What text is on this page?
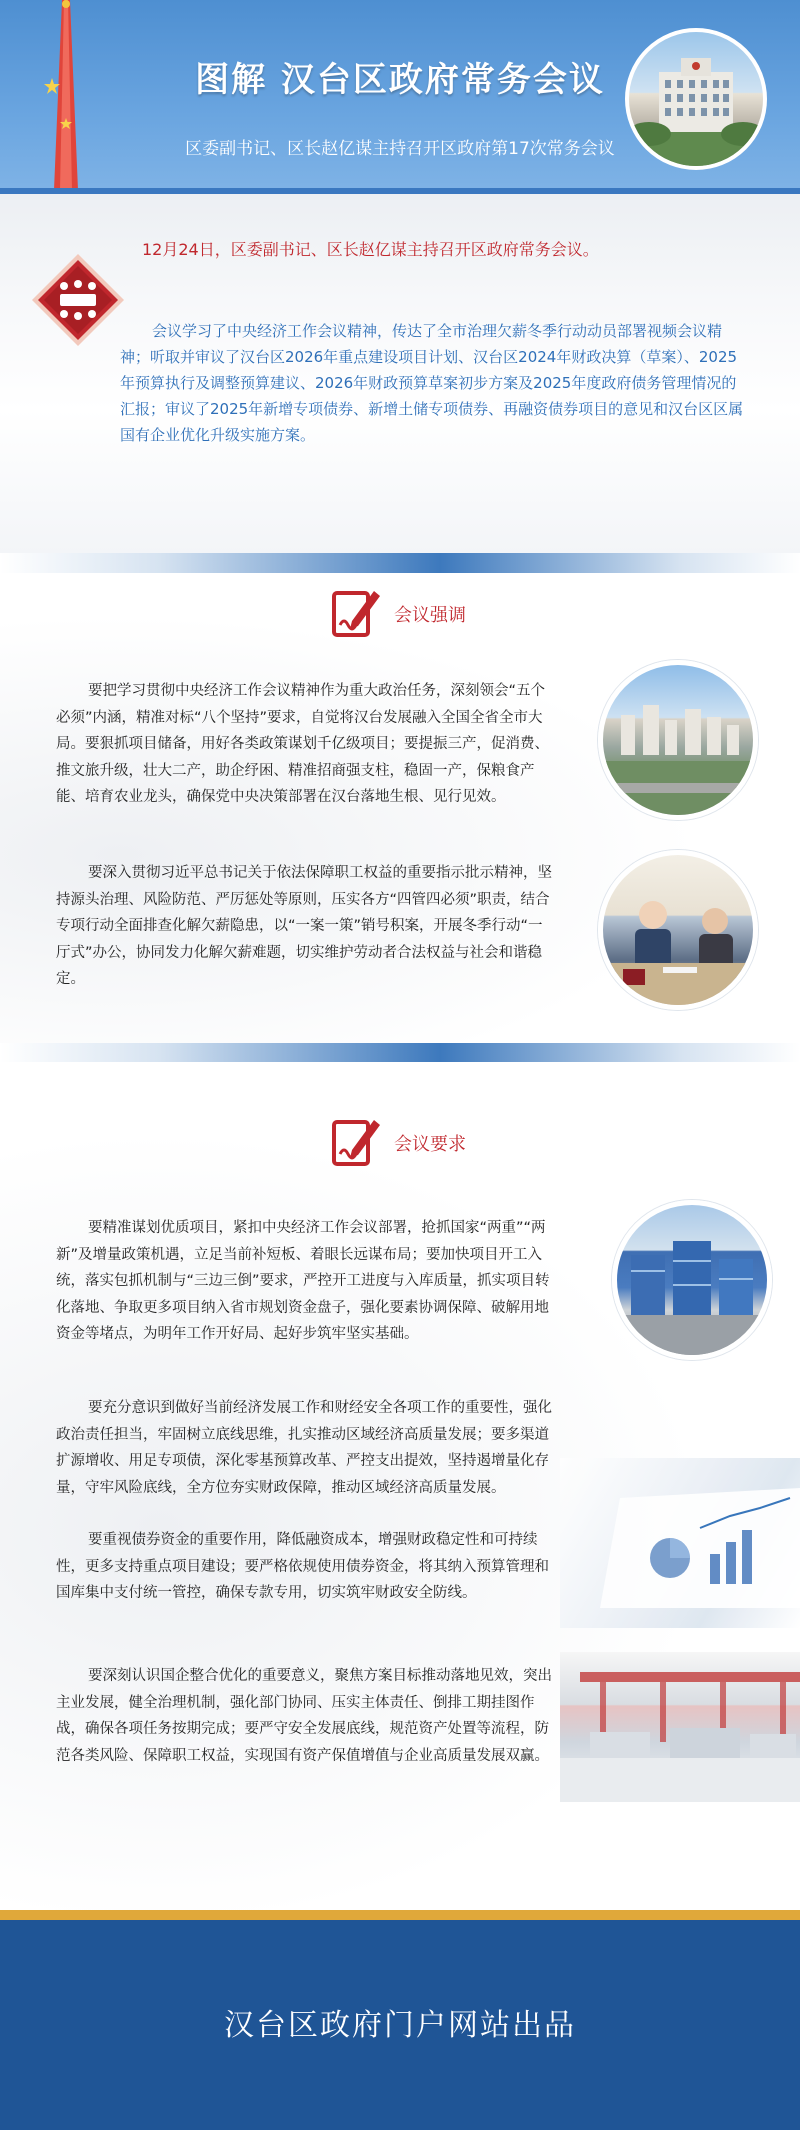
图解 汉台区政府常务会议
区委副书记、区长赵亿谋主持召开区政府第17次常务会议
12月24日，区委副书记、区长赵亿谋主持召开区政府常务会议。

会议学习了中央经济工作会议精神，传达了全市治理欠薪冬季行动动员部署视频会议精神；听取并审议了汉台区2026年重点建设项目计划、汉台区2024年财政决算（草案）、2025年预算执行及调整预算建议、2026年财政预算草案初步方案及2025年度政府债务管理情况的汇报；审议了2025年新增专项债券、新增土储专项债券、再融资债券项目的意见和汉台区区属国有企业优化升级实施方案。

会议强调

要把学习贯彻中央经济工作会议精神作为重大政治任务，深刻领会“五个必须”内涵，精准对标“八个坚持”要求，自觉将汉台发展融入全国全省全市大局。要狠抓项目储备，用好各类政策谋划千亿级项目；要提振三产，促消费、推文旅升级，壮大二产，助企纾困、精准招商强支柱，稳固一产，保粮食产能、培育农业龙头，确保党中央决策部署在汉台落地生根、见行见效。

要深入贯彻习近平总书记关于依法保障职工权益的重要指示批示精神，坚持源头治理、风险防范、严厉惩处等原则，压实各方“四管四必须”职责，结合专项行动全面排查化解欠薪隐患，以“一案一策”销号积案，开展冬季行动“一厅式”办公，协同发力化解欠薪难题，切实维护劳动者合法权益与社会和谐稳定。

会议要求

要精准谋划优质项目，紧扣中央经济工作会议部署，抢抓国家“两重”“两新”及增量政策机遇，立足当前补短板、着眼长远谋布局；要加快项目开工入统，落实包抓机制与“三边三倒”要求，严控开工进度与入库质量，抓实项目转化落地、争取更多项目纳入省市规划资金盘子，强化要素协调保障、破解用地资金等堵点，为明年工作开好局、起好步筑牢坚实基础。

要充分意识到做好当前经济发展工作和财经安全各项工作的重要性，强化政治责任担当，牢固树立底线思维，扎实推动区域经济高质量发展；要多渠道扩源增收、用足专项债，深化零基预算改革、严控支出提效，坚持遏增量化存量，守牢风险底线，全方位夯实财政保障，推动区域经济高质量发展。

要重视债券资金的重要作用，降低融资成本，增强财政稳定性和可持续性，更多支持重点项目建设；要严格依规使用债券资金，将其纳入预算管理和国库集中支付统一管控，确保专款专用，切实筑牢财政安全防线。

要深刻认识国企整合优化的重要意义，聚焦方案目标推动落地见效，突出主业发展，健全治理机制，强化部门协同、压实主体责任、倒排工期挂图作战，确保各项任务按期完成；要严守安全发展底线，规范资产处置等流程，防范各类风险、保障职工权益，实现国有资产保值增值与企业高质量发展双赢。

汉台区政府门户网站出品
